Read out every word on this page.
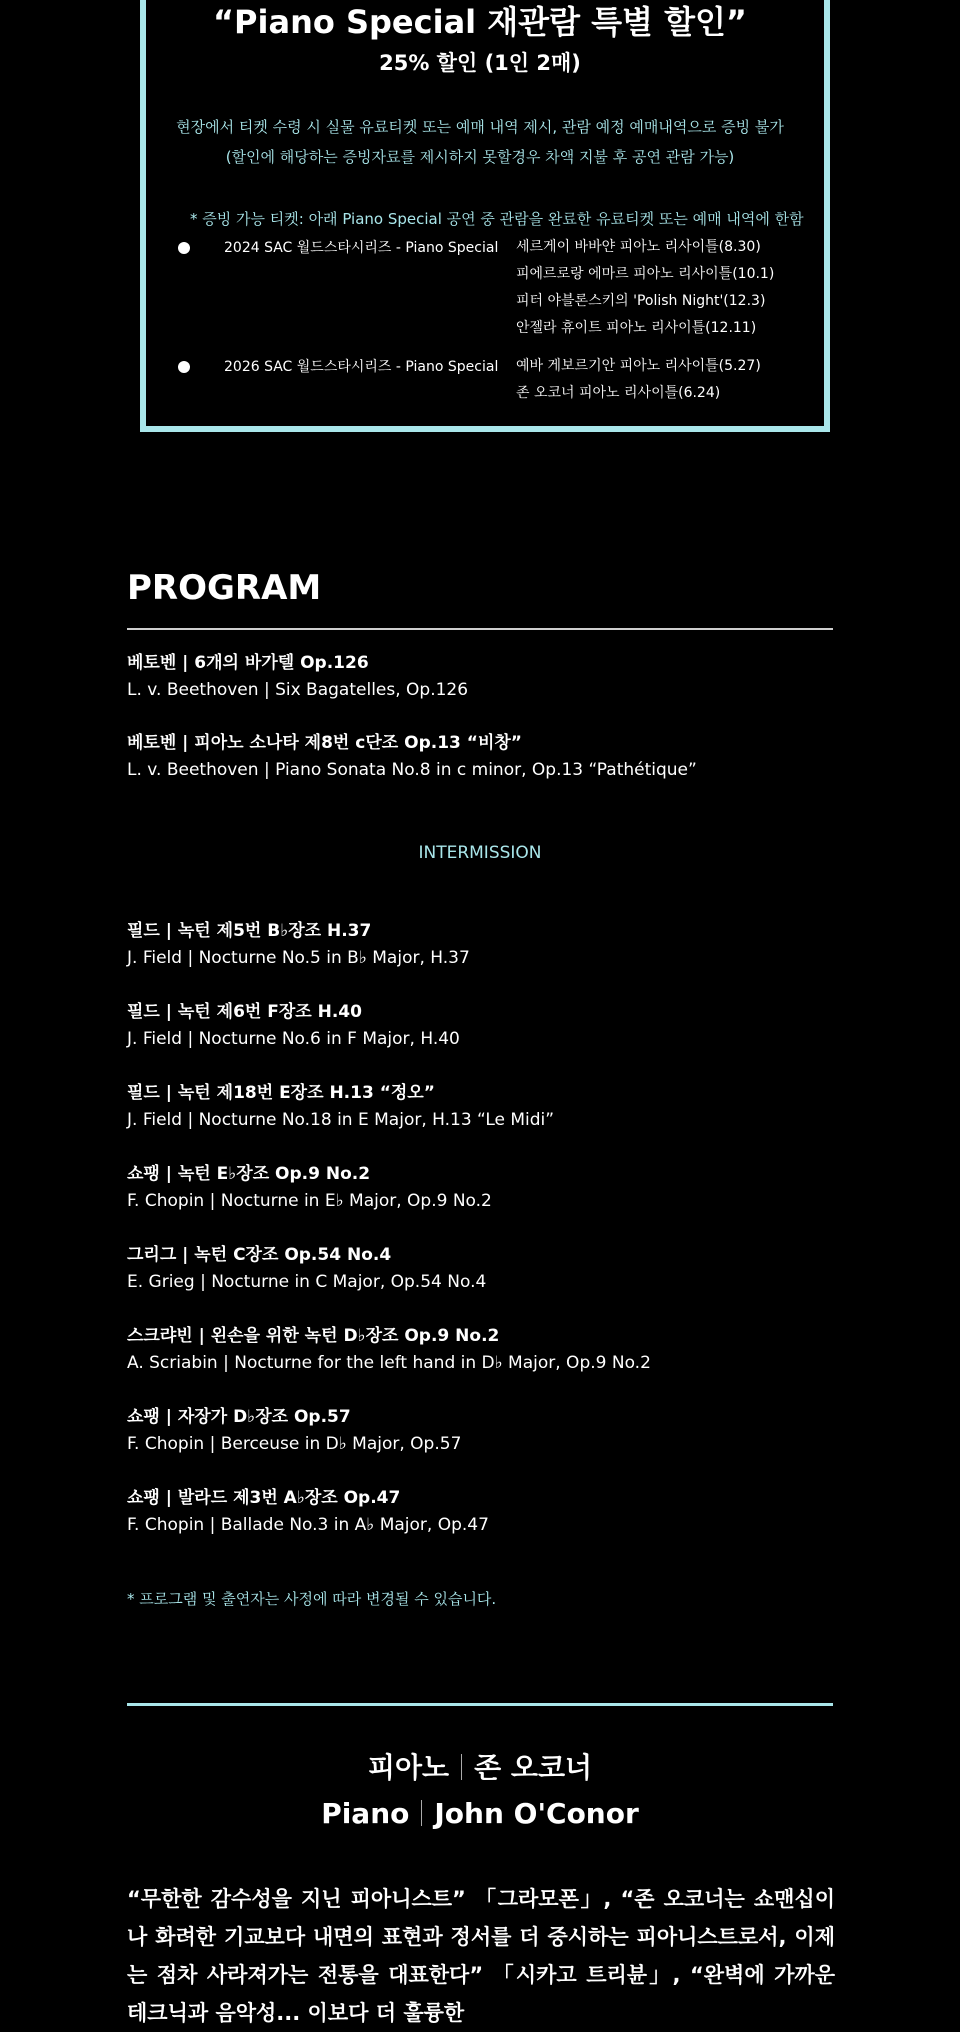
“Piano Special 재관람 특별 할인”
25% 할인 (1인 2매)
현장에서 티켓 수령 시 실물 유료티켓 또는 예매 내역 제시, 관람 예정 예매내역으로 증빙 불가
(할인에 해당하는 증빙자료를 제시하지 못할경우 차액 지불 후 공연 관람 가능)
* 증빙 가능 티켓: 아래 Piano Special 공연 중 관람을 완료한 유료티켓 또는 예매 내역에 한함
2024 SAC 월드스타시리즈 - Piano Special 세르게이 바바얀 피아노 리사이틀(8.30)
피에르로랑 에마르 피아노 리사이틀(10.1)
피터 야블론스키의 'Polish Night'(12.3)
안젤라 휴이트 피아노 리사이틀(12.11)
2026 SAC 월드스타시리즈 - Piano Special 예바 게보르기안 피아노 리사이틀(5.27)
존 오코너 피아노 리사이틀(6.24)
PROGRAM
베토벤 | 6개의 바가텔 Op.126
L. v. Beethoven | Six Bagatelles, Op.126
베토벤 | 피아노 소나타 제8번 c단조 Op.13 “비창”
L. v. Beethoven | Piano Sonata No.8 in c minor, Op.13 “Pathétique”
INTERMISSION
필드 | 녹턴 제5번 B♭장조 H.37
J. Field | Nocturne No.5 in B♭ Major, H.37
필드 | 녹턴 제6번 F장조 H.40
J. Field | Nocturne No.6 in F Major, H.40
필드 | 녹턴 제18번 E장조 H.13 “정오”
J. Field | Nocturne No.18 in E Major, H.13 “Le Midi”
쇼팽 | 녹턴 E♭장조 Op.9 No.2
F. Chopin | Nocturne in E♭ Major, Op.9 No.2
그리그 | 녹턴 C장조 Op.54 No.4
E. Grieg | Nocturne in C Major, Op.54 No.4
스크랴빈 | 왼손을 위한 녹턴 D♭장조 Op.9 No.2
A. Scriabin | Nocturne for the left hand in D♭ Major, Op.9 No.2
쇼팽 | 자장가 D♭장조 Op.57
F. Chopin | Berceuse in D♭ Major, Op.57
쇼팽 | 발라드 제3번 A♭장조 Op.47
F. Chopin | Ballade No.3 in A♭ Major, Op.47
* 프로그램 및 출연자는 사정에 따라 변경될 수 있습니다.
피아노 존 오코너
Piano John O'Conor
“무한한 감수성을 지닌 피아니스트” 「그라모폰」, “존 오코너는 쇼맨십이나 화려한 기교보다 내면의 표현과 정서를 더 중시하는 피아니스트로서, 이제는 점차 사라져가는 전통을 대표한다” 「시카고 트리뷴」, “완벽에 가까운 테크닉과 음악성... 이보다 더 훌륭한
